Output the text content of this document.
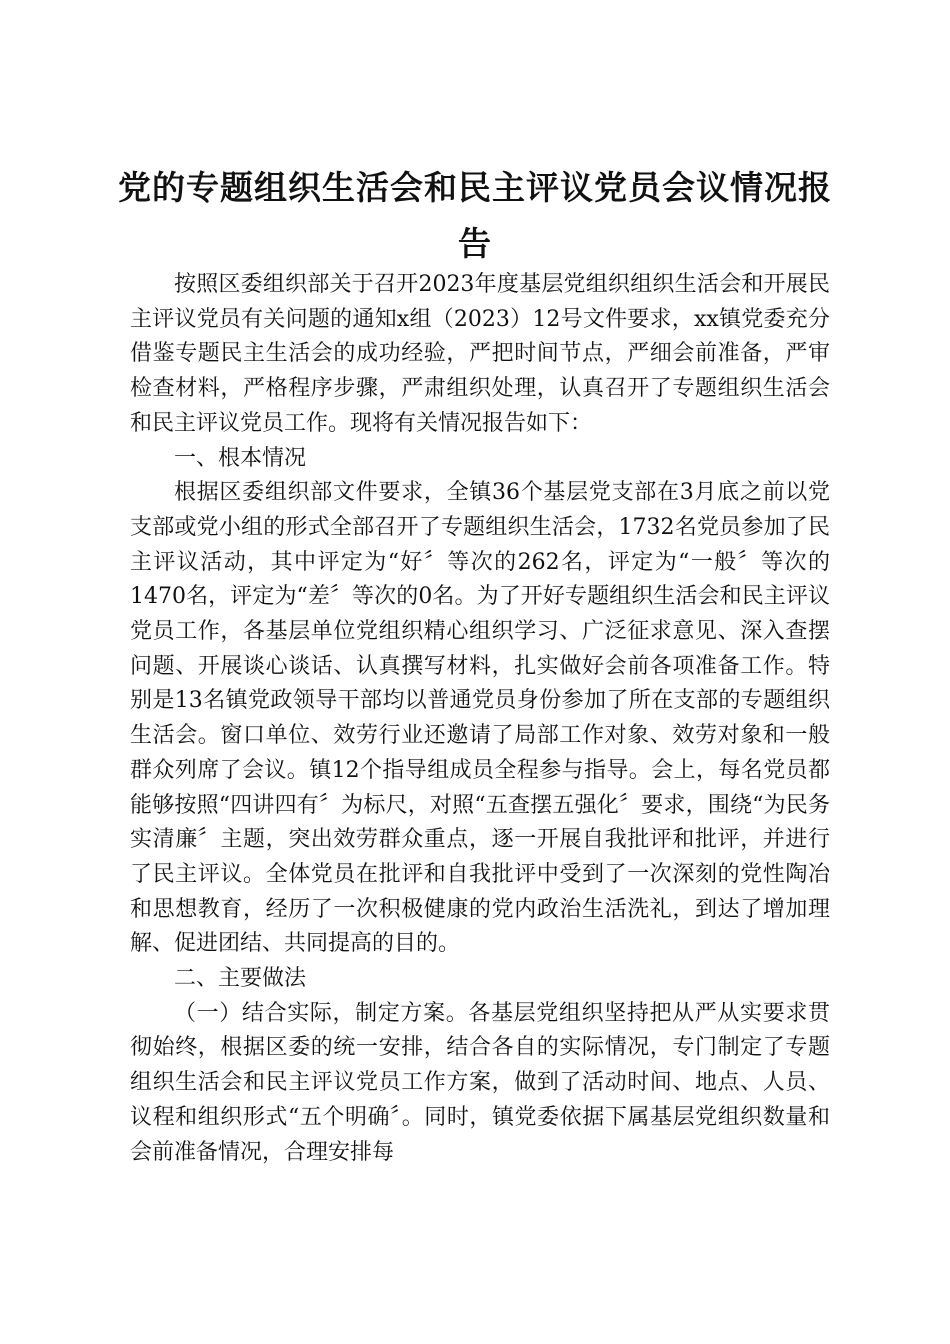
党的专题组织生活会和民主评议党员会议情况报告

按照区委组织部关于召开2023年度基层党组织组织生活会和开展民主评议党员有关问题的通知x组（2023）12号文件要求，xx镇党委充分借鉴专题民主生活会的成功经验，严把时间节点，严细会前准备，严审检查材料，严格程序步骤，严肃组织处理，认真召开了专题组织生活会和民主评议党员工作。现将有关情况报告如下：

一、根本情况

根据区委组织部文件要求，全镇36个基层党支部在3月底之前以党支部或党小组的形式全部召开了专题组织生活会，1732名党员参加了民主评议活动，其中评定为“好〞等次的262名，评定为“一般〞等次的1470名，评定为“差〞等次的0名。为了开好专题组织生活会和民主评议党员工作，各基层单位党组织精心组织学习、广泛征求意见、深入查摆问题、开展谈心谈话、认真撰写材料，扎实做好会前各项准备工作。特别是13名镇党政领导干部均以普通党员身份参加了所在支部的专题组织生活会。窗口单位、效劳行业还邀请了局部工作对象、效劳对象和一般群众列席了会议。镇12个指导组成员全程参与指导。会上，每名党员都能够按照“四讲四有〞为标尺，对照“五查摆五强化〞要求，围绕“为民务实清廉〞主题，突出效劳群众重点，逐一开展自我批评和批评，并进行了民主评议。全体党员在批评和自我批评中受到了一次深刻的党性陶冶和思想教育，经历了一次积极健康的党内政治生活洗礼，到达了增加理解、促进团结、共同提高的目的。

二、主要做法

（一）结合实际，制定方案。各基层党组织坚持把从严从实要求贯彻始终，根据区委的统一安排，结合各自的实际情况，专门制定了专题组织生活会和民主评议党员工作方案，做到了活动时间、地点、人员、议程和组织形式“五个明确〞。同时，镇党委依据下属基层党组织数量和会前准备情况，合理安排每
